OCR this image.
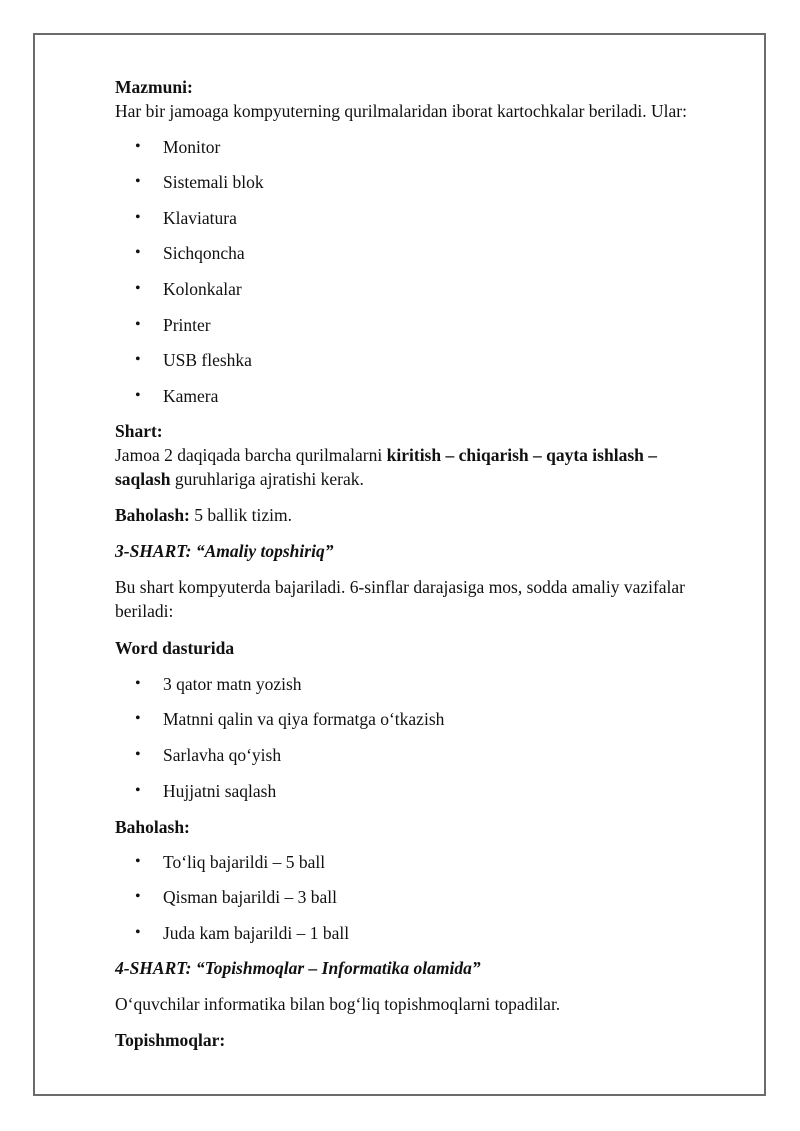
Mazmuni:

Har bir jamoaga kompyuterning qurilmalaridan iborat kartochkalar beriladi. Ular:

• Monitor
• Sistemali blok
• Klaviatura
• Sichqoncha
• Kolonkalar
• Printer
• USB fleshka
• Kamera

Shart:

Jamoa 2 daqiqada barcha qurilmalarni kiritish – chiqarish – qayta ishlash –
saqlash guruhlariga ajratishi kerak.

Baholash: 5 ballik tizim.

3-SHART: “Amaliy topshiriq”

Bu shart kompyuterda bajariladi. 6-sinflar darajasiga mos, sodda amaliy vazifalar beriladi:

Word dasturida

• 3 qator matn yozish
• Matnni qalin va qiya formatga o‘tkazish
• Sarlavha qo‘yish
• Hujjatni saqlash

Baholash:

• To‘liq bajarildi – 5 ball
• Qisman bajarildi – 3 ball
• Juda kam bajarildi – 1 ball

4-SHART: “Topishmoqlar – Informatika olamida”

O‘quvchilar informatika bilan bog‘liq topishmoqlarni topadilar.

Topishmoqlar:
